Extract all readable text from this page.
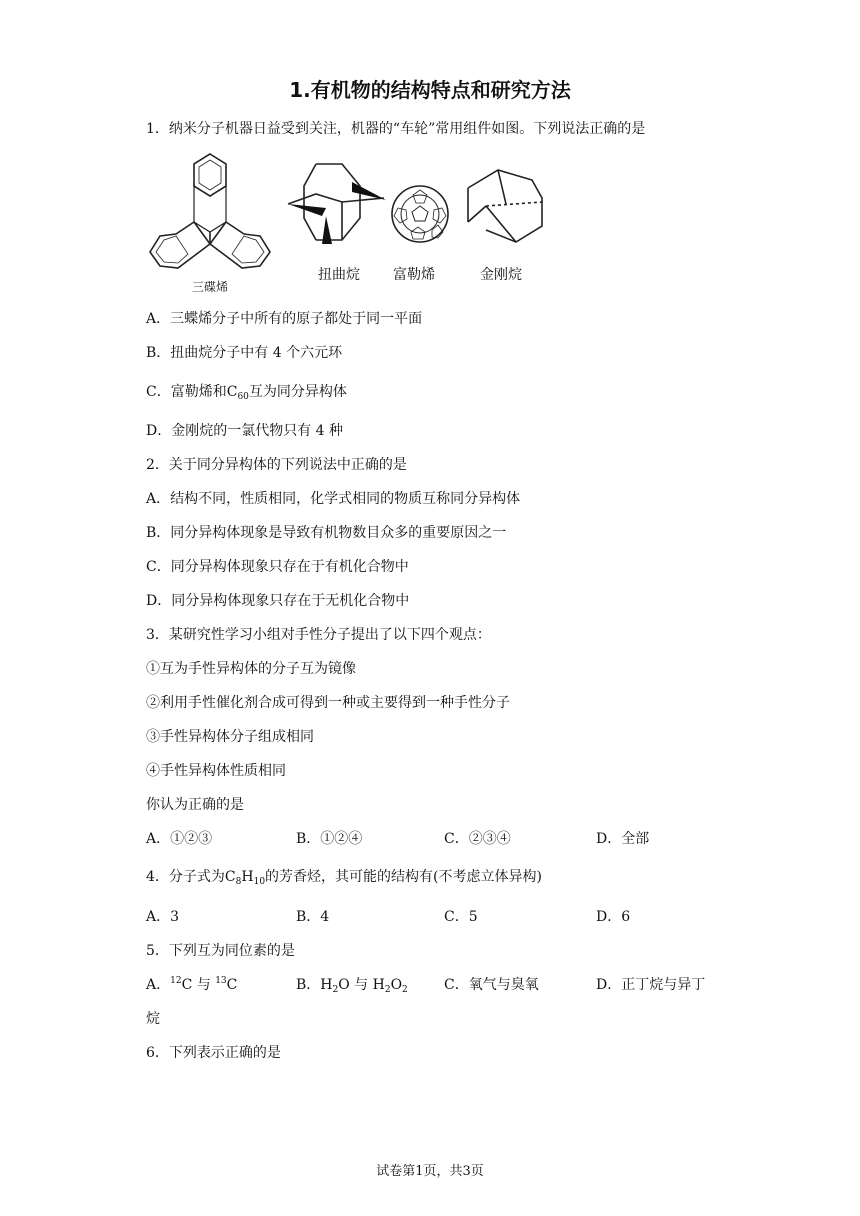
1.有机物的结构特点和研究方法
1．纳米分子机器日益受到关注，机器的“车轮”常用组件如图。下列说法正确的是
三碟烯
扭曲烷 富勒烯	金刚烷
A．三蝶烯分子中所有的原子都处于同一平面
B．扭曲烷分子中有 4 个六元环
C．富勒烯和$C_{60}$互为同分异构体
D．金刚烷的一氯代物只有 4 种
2．关于同分异构体的下列说法中正确的是
A．结构不同，性质相同，化学式相同的物质互称同分异构体
B．同分异构体现象是导致有机物数目众多的重要原因之一
C．同分异构体现象只存在于有机化合物中
D．同分异构体现象只存在于无机化合物中
3．某研究性学习小组对手性分子提出了以下四个观点：
①互为手性异构体的分子互为镜像
②利用手性催化剂合成可得到一种或主要得到一种手性分子
③手性异构体分子组成相同
④手性异构体性质相同
你认为正确的是
A．①②③	B．①②④	C．②③④	D．全部
4．分子式为$C_8H_{10}$的芳香烃，其可能的结构有(不考虑立体异构)
A．3	B．4	C．5	D．6
5．下列互为同位素的是
A．$^{12}$C 与 $^{13}$C	B．$H_2O$ 与 $H_2O_2$	C．氧气与臭氧	D．正丁烷与异丁
烷
6．下列表示正确的是
试卷第1页，共3页
